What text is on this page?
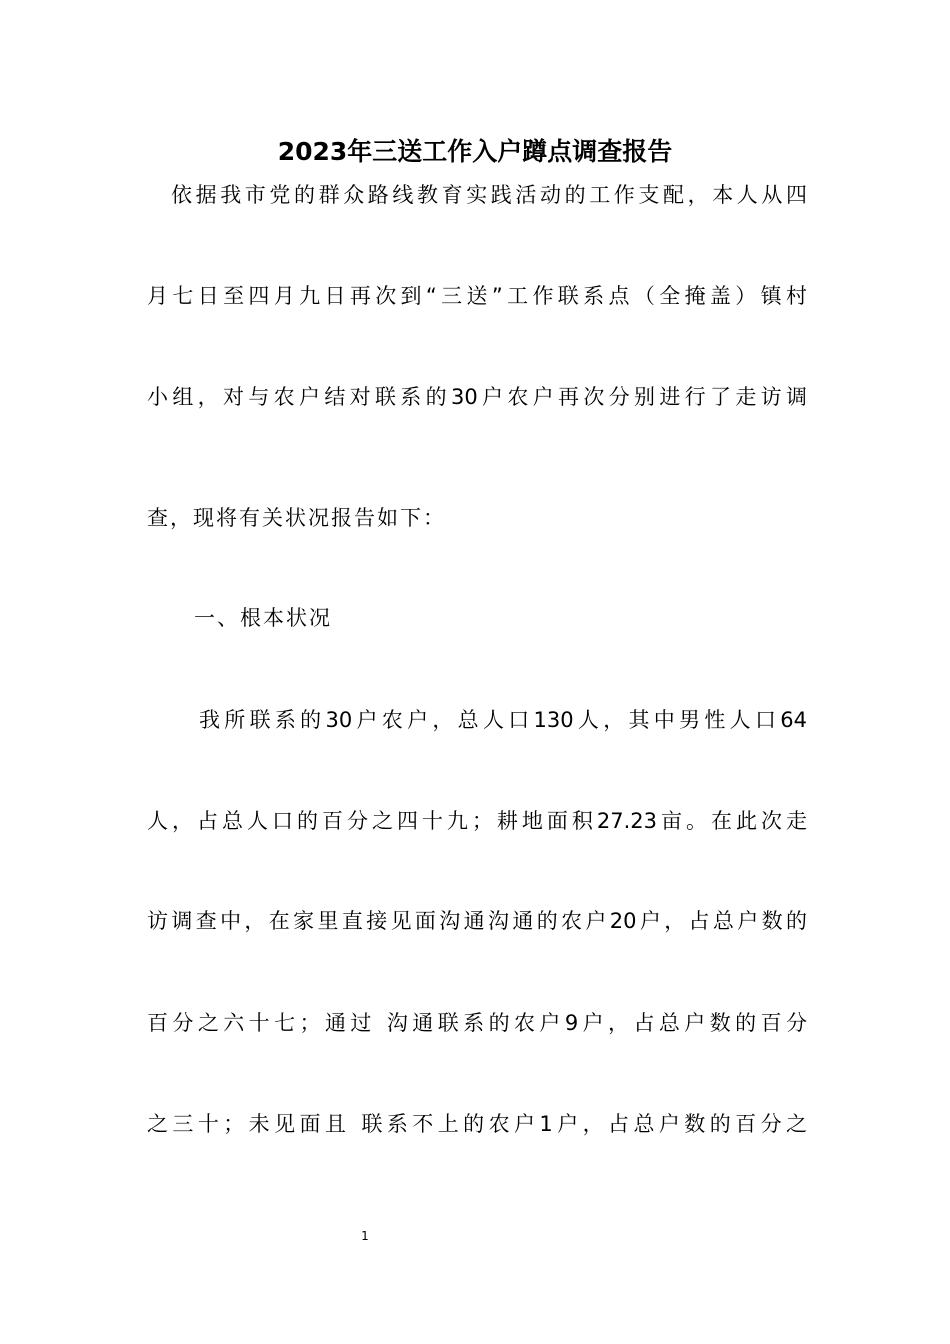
2023年三送工作入户蹲点调查报告
依据我市党的群众路线教育实践活动的工作支配，本人从四
月七日至四月九日再次到“三送”工作联系点（全掩盖）镇村
小组，对与农户结对联系的30户农户再次分别进行了走访调
查，现将有关状况报告如下：
一、根本状况
我所联系的30户农户，总人口130人，其中男性人口64
人，占总人口的百分之四十九；耕地面积27.23亩。在此次走
访调查中，在家里直接见面沟通沟通的农户20户，占总户数的
百分之六十七；通过 沟通联系的农户9户，占总户数的百分
之三十；未见面且 联系不上的农户1户，占总户数的百分之
1
